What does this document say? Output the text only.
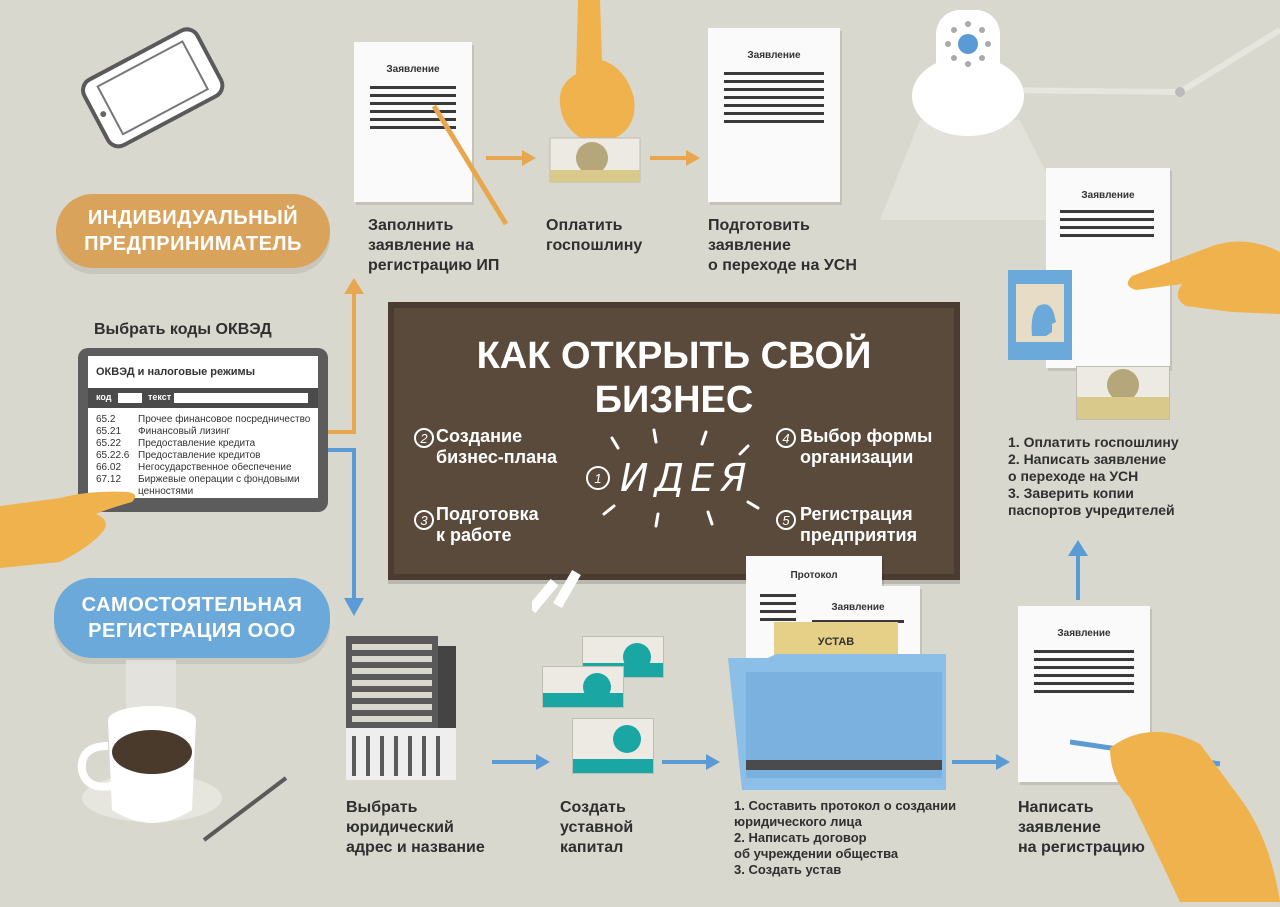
ИНДИВИДУАЛЬНЫЙ
ПРЕДПРИНИМАТЕЛЬ
САМОСТОЯТЕЛЬНАЯ
РЕГИСТРАЦИЯ ООО
Выбрать коды ОКВЭД
ОКВЭД и налоговые режимы
код	текст
65.2 Прочее финансовое посредничество
65.21 Финансовый лизинг
65.22 Предоставление кредита
65.22.6 Предоставление кредитов
66.02 Негосударственное обеспечение
67.12 Биржевые операции с фондовыми
ценностями
Заявление
Заявление
Заполнить
заявление на
регистрацию ИП
Оплатить
госпошлину
Подготовить
заявление
о переходе на УСН
Заявление
1. Оплатить госпошлину
2. Написать заявление
о переходе на УСН
3. Заверить копии
паспортов учредителей
КАК ОТКРЫТЬ СВОЙ
БИЗНЕС
1 ИДЕЯ
2 Создание
бизнес-плана
3 Подготовка
к работе
4 Выбор формы
организации
5 Регистрация
предприятия
Протокол
Заявление
УСТАВ
Заявление
Выбрать
юридический
адрес и название
Создать
уставной
капитал
1. Составить протокол о создании
юридического лица
2. Написать договор
об учреждении общества
3. Создать устав
Написать
заявление
на регистрацию
